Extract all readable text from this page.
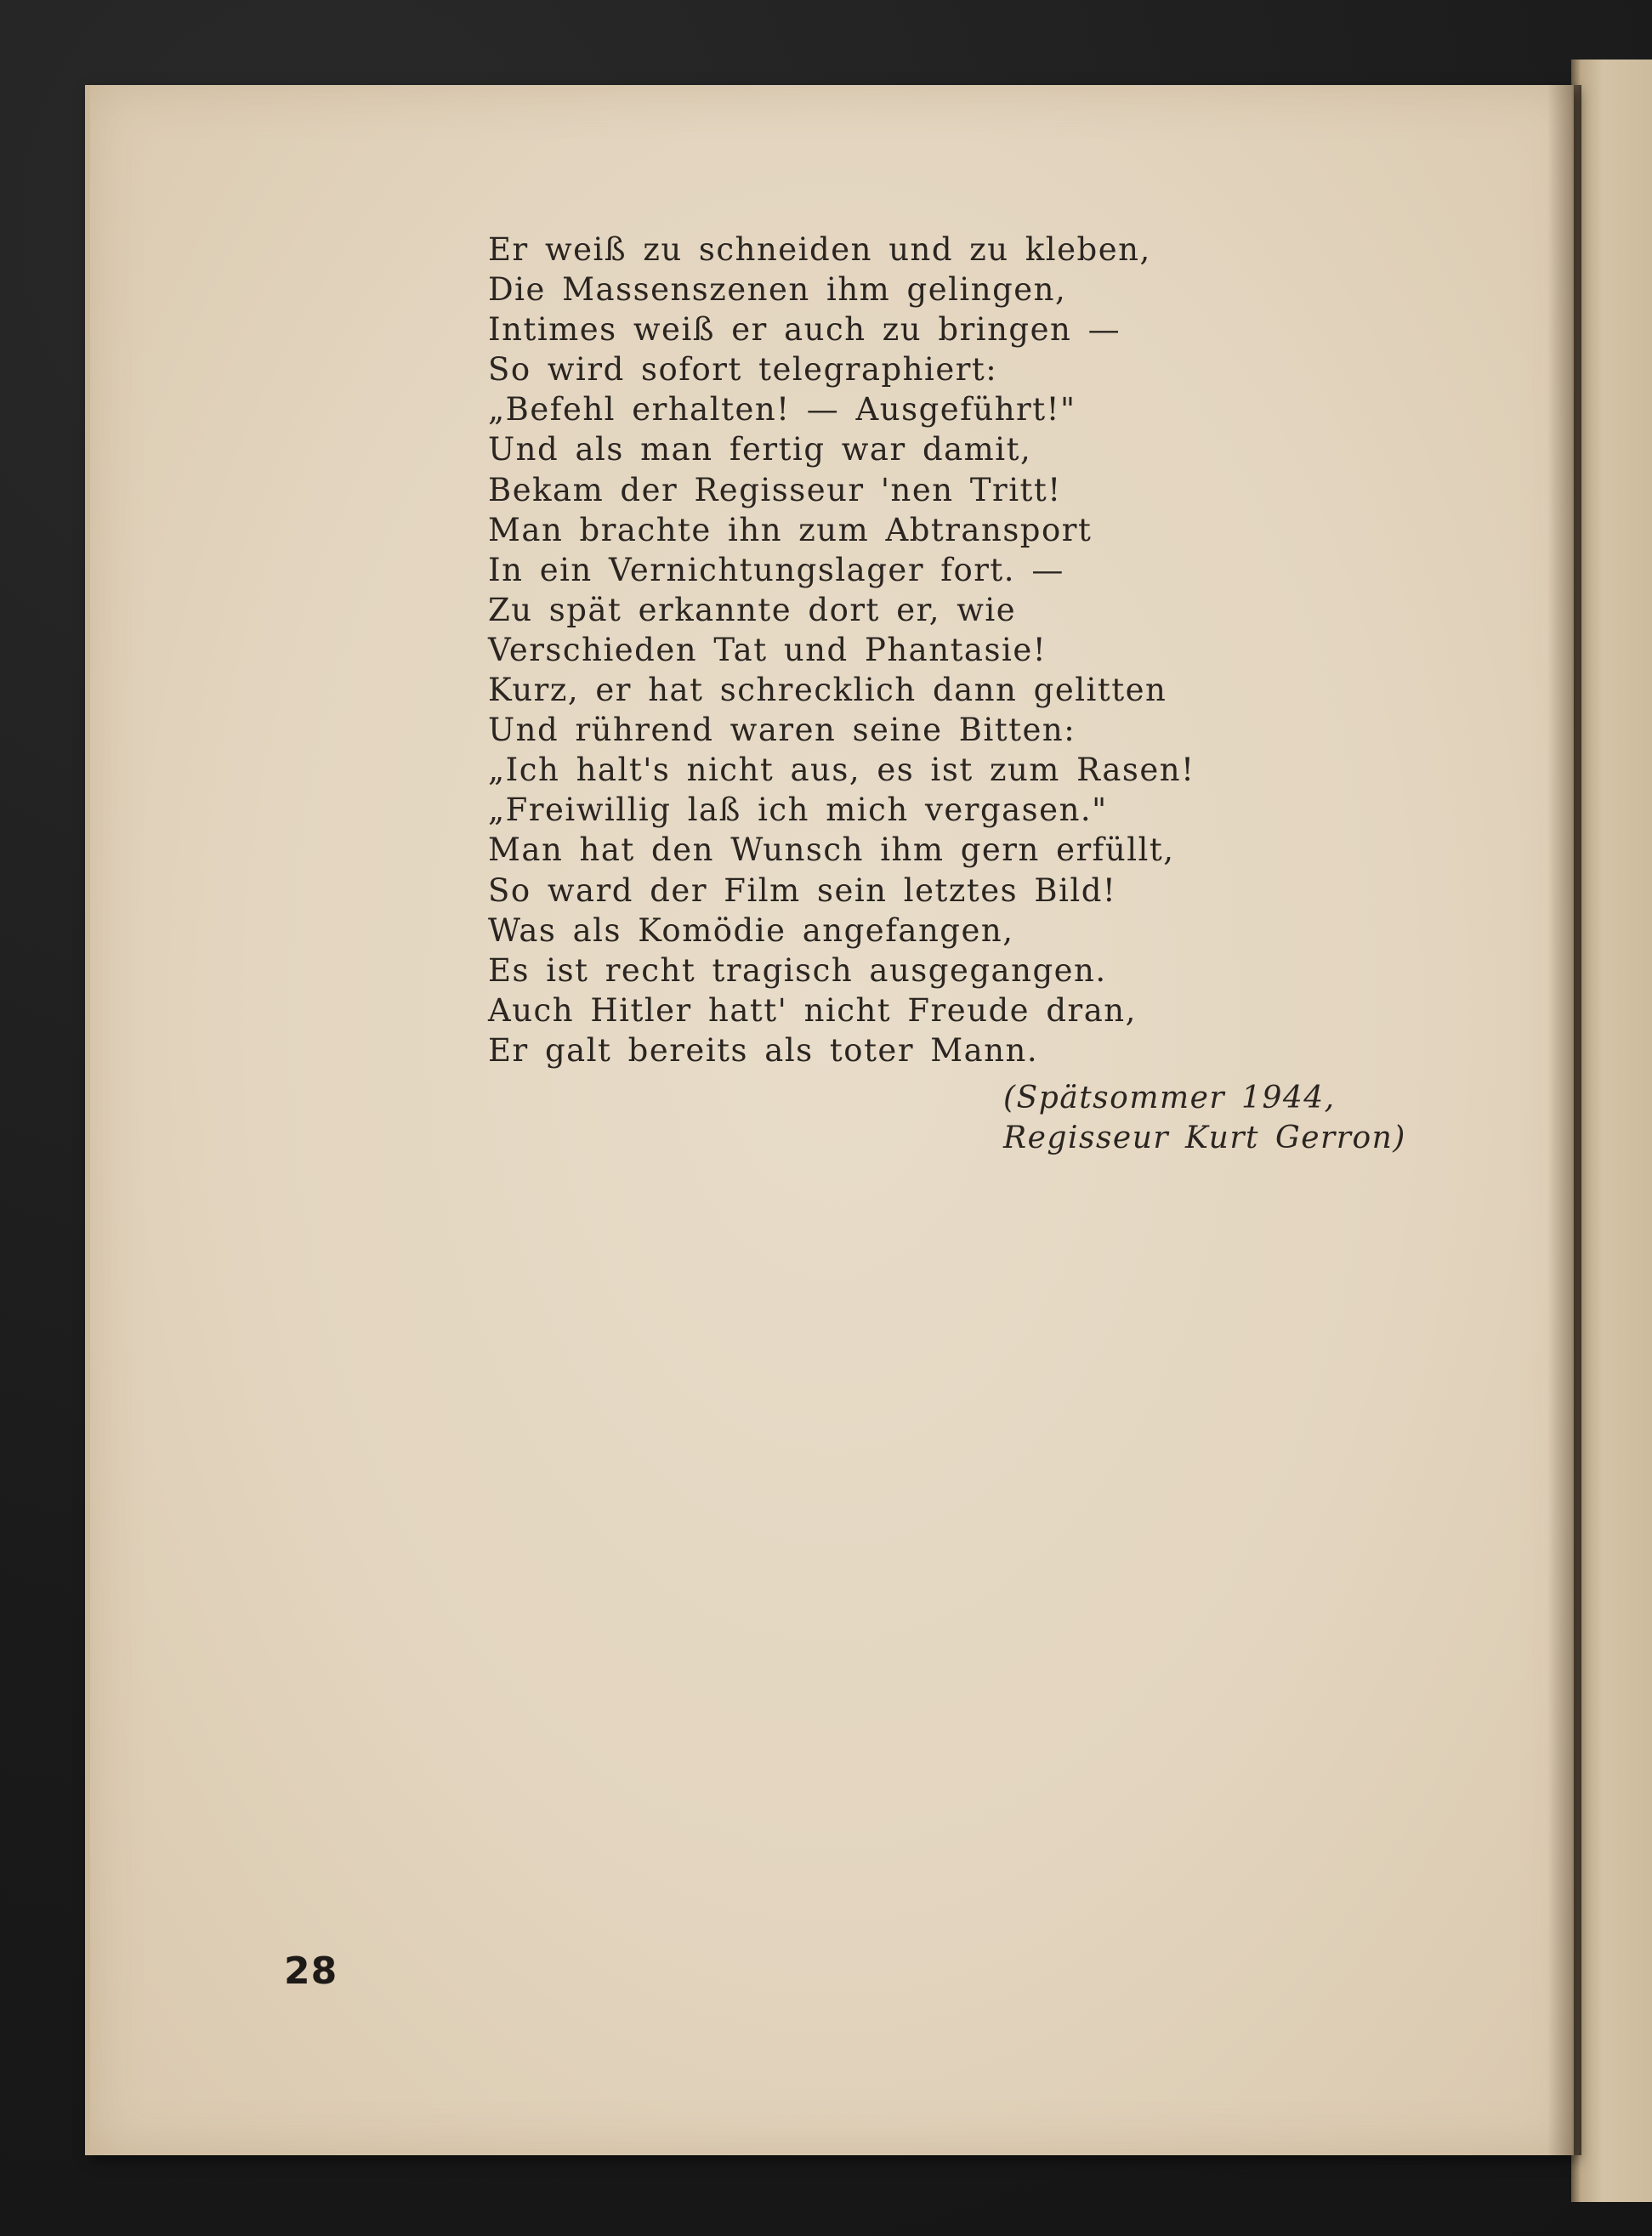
Er weiß zu schneiden und zu kleben,
Die Massenszenen ihm gelingen,
Intimes weiß er auch zu bringen —
So wird sofort telegraphiert:
„Befehl erhalten! — Ausgeführt!"
Und als man fertig war damit,
Bekam der Regisseur 'nen Tritt!
Man brachte ihn zum Abtransport
In ein Vernichtungslager fort. —
Zu spät erkannte dort er, wie
Verschieden Tat und Phantasie!
Kurz, er hat schrecklich dann gelitten
Und rührend waren seine Bitten:
„Ich halt's nicht aus, es ist zum Rasen!
„Freiwillig laß ich mich vergasen."
Man hat den Wunsch ihm gern erfüllt,
So ward der Film sein letztes Bild!
Was als Komödie angefangen,
Es ist recht tragisch ausgegangen.
Auch Hitler hatt' nicht Freude dran,
Er galt bereits als toter Mann.
(Spätsommer 1944,
Regisseur Kurt Gerron)
28
